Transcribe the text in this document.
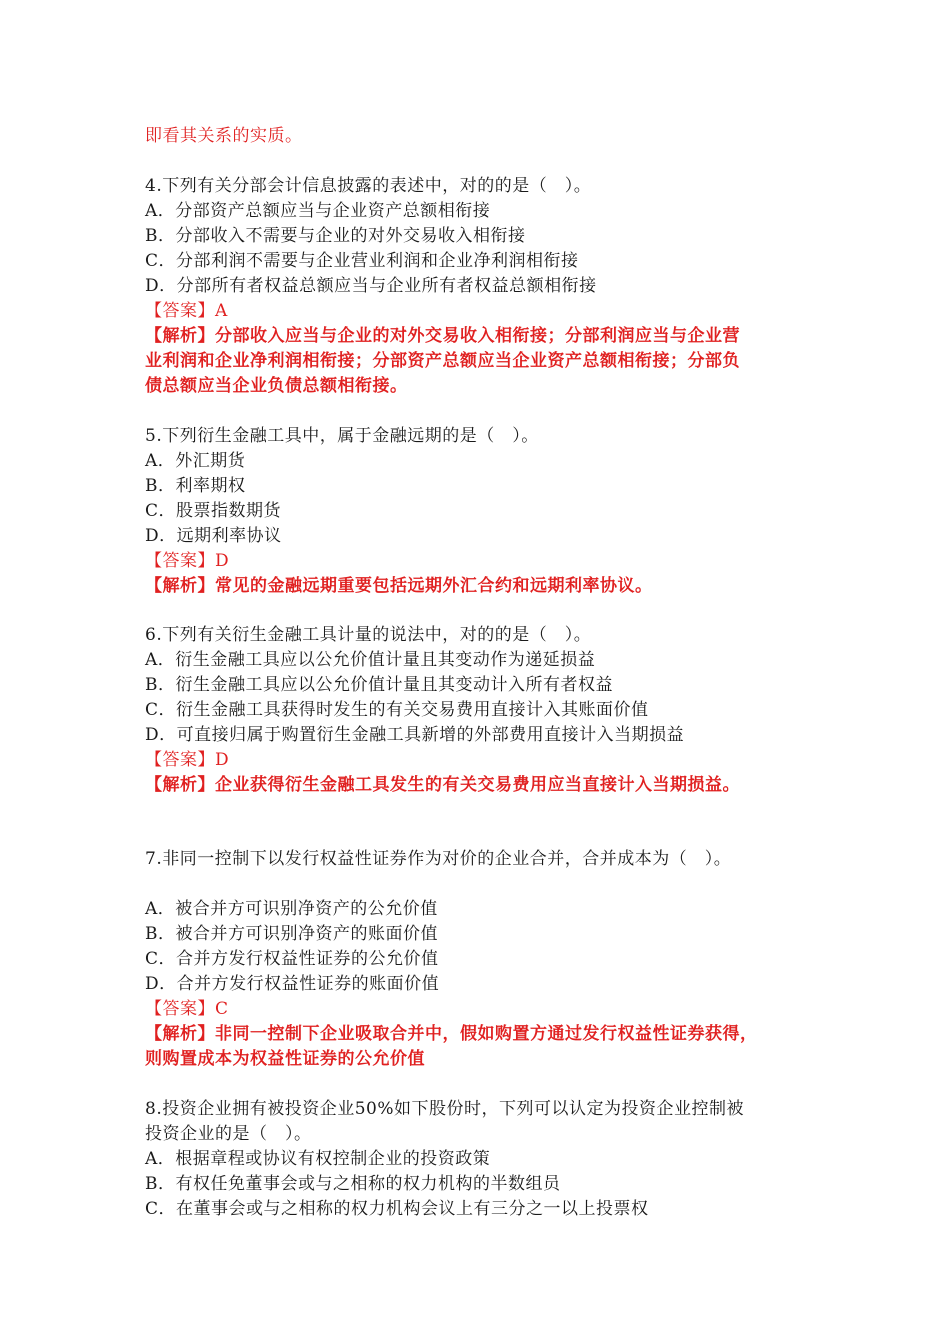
即看其关系的实质。
4.下列有关分部会计信息披露的表述中，对的的是（　）。
A．分部资产总额应当与企业资产总额相衔接
B．分部收入不需要与企业的对外交易收入相衔接
C．分部利润不需要与企业营业利润和企业净利润相衔接
D．分部所有者权益总额应当与企业所有者权益总额相衔接
【答案】A
【解析】分部收入应当与企业的对外交易收入相衔接；分部利润应当与企业营
业利润和企业净利润相衔接；分部资产总额应当企业资产总额相衔接；分部负
债总额应当企业负债总额相衔接。
5.下列衍生金融工具中，属于金融远期的是（　）。
A．外汇期货
B．利率期权
C．股票指数期货
D．远期利率协议
【答案】D
【解析】常见的金融远期重要包括远期外汇合约和远期利率协议。
6.下列有关衍生金融工具计量的说法中，对的的是（　）。
A．衍生金融工具应以公允价值计量且其变动作为递延损益
B．衍生金融工具应以公允价值计量且其变动计入所有者权益
C．衍生金融工具获得时发生的有关交易费用直接计入其账面价值
D．可直接归属于购置衍生金融工具新增的外部费用直接计入当期损益
【答案】D
【解析】企业获得衍生金融工具发生的有关交易费用应当直接计入当期损益。
7.非同一控制下以发行权益性证券作为对价的企业合并，合并成本为（　）。
A．被合并方可识别净资产的公允价值
B．被合并方可识别净资产的账面价值
C．合并方发行权益性证券的公允价值
D．合并方发行权益性证券的账面价值
【答案】C
【解析】非同一控制下企业吸取合并中，假如购置方通过发行权益性证券获得，
则购置成本为权益性证券的公允价值
8.投资企业拥有被投资企业50%如下股份时，下列可以认定为投资企业控制被
投资企业的是（　）。
A．根据章程或协议有权控制企业的投资政策
B．有权任免董事会或与之相称的权力机构的半数组员
C．在董事会或与之相称的权力机构会议上有三分之一以上投票权
